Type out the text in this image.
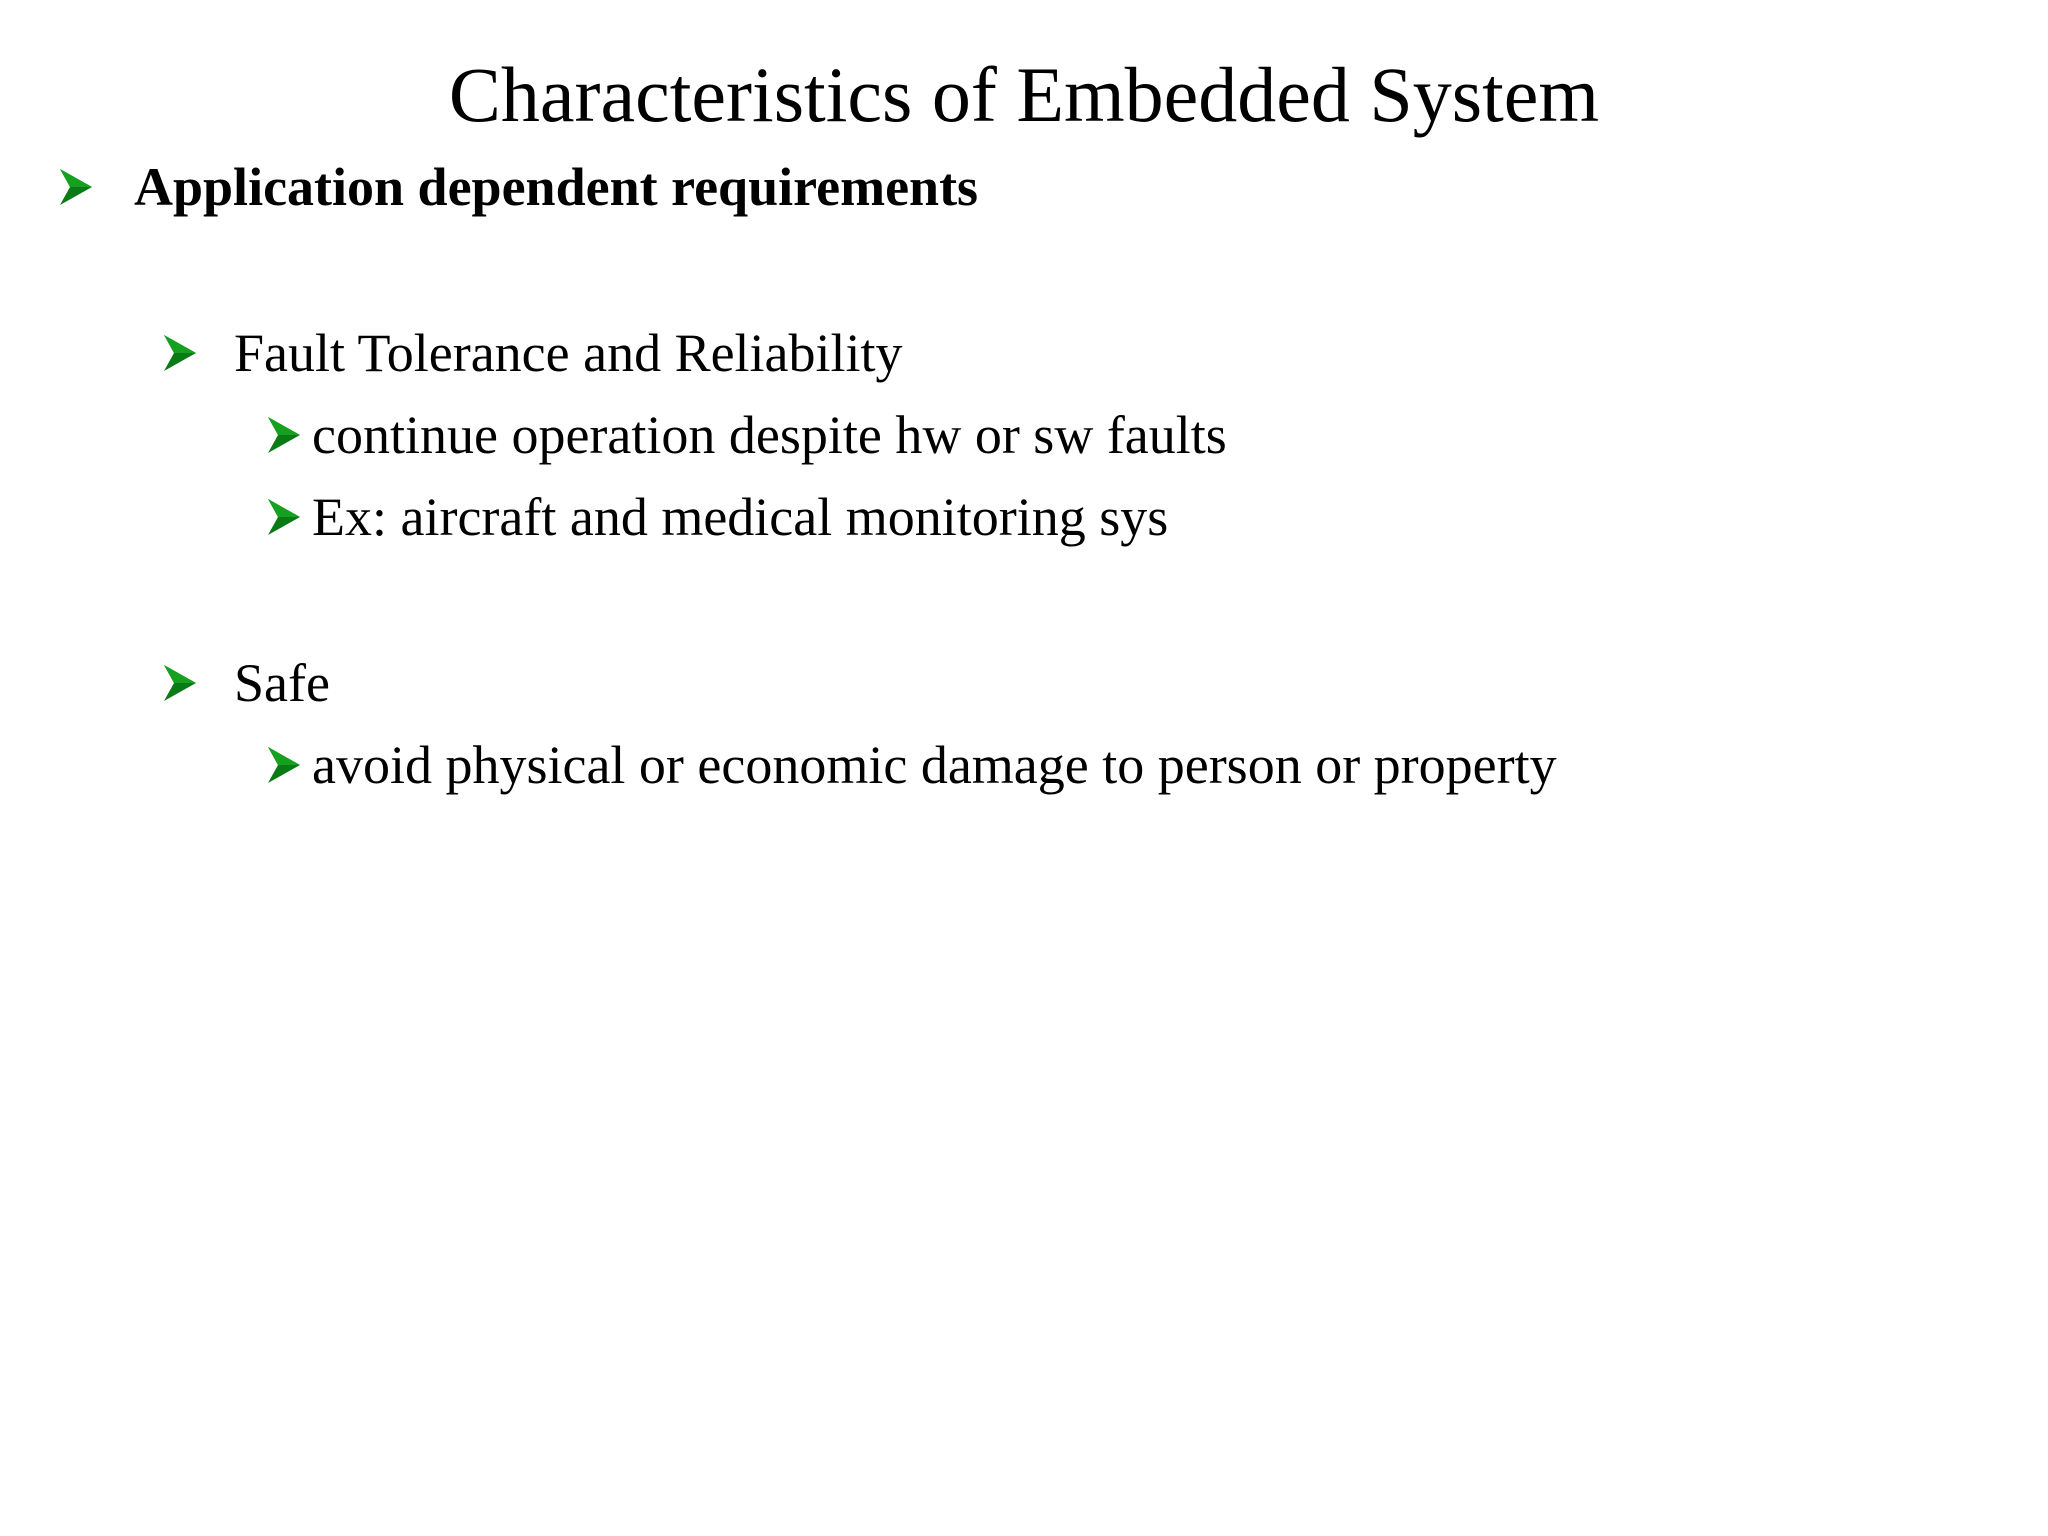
Characteristics of Embedded System
Application dependent requirements
Fault Tolerance and Reliability
continue operation despite hw or sw faults
Ex: aircraft and medical monitoring sys
Safe
avoid physical or economic damage to person or property
